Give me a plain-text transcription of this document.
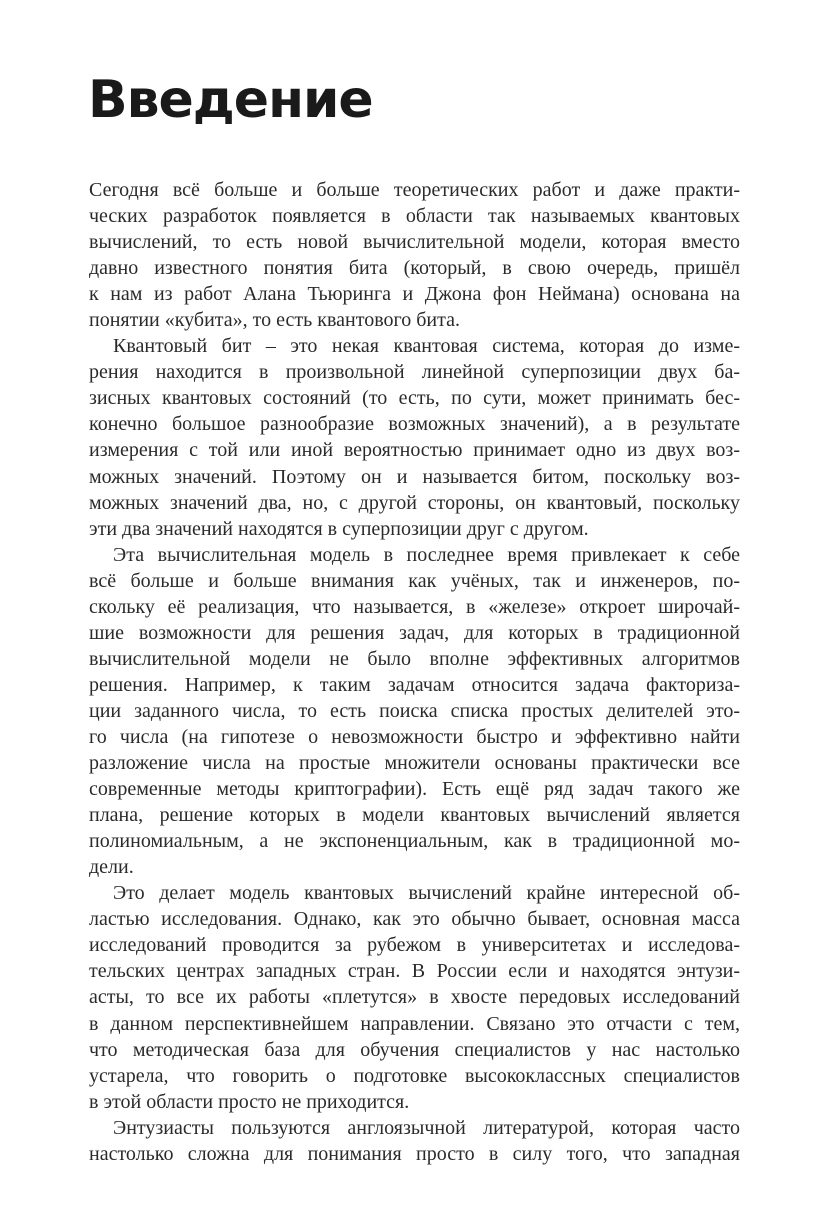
Введение
Сегодня всё больше и больше теоретических работ и даже практи-
ческих разработок появляется в области так называемых квантовых
вычислений, то есть новой вычислительной модели, которая вместо
давно известного понятия бита (который, в свою очередь, пришёл
к нам из работ Алана Тьюринга и Джона фон Неймана) основана на
понятии «кубита», то есть квантового бита.
Квантовый бит – это некая квантовая система, которая до изме-
рения находится в произвольной линейной суперпозиции двух ба-
зисных квантовых состояний (то есть, по сути, может принимать бес-
конечно большое разнообразие возможных значений), а в результате
измерения с той или иной вероятностью принимает одно из двух воз-
можных значений. Поэтому он и называется битом, поскольку воз-
можных значений два, но, с другой стороны, он квантовый, поскольку
эти два значений находятся в суперпозиции друг с другом.
Эта вычислительная модель в последнее время привлекает к себе
всё больше и больше внимания как учёных, так и инженеров, по-
скольку её реализация, что называется, в «железе» откроет широчай-
шие возможности для решения задач, для которых в традиционной
вычислительной модели не было вполне эффективных алгоритмов
решения. Например, к таким задачам относится задача факториза-
ции заданного числа, то есть поиска списка простых делителей это-
го числа (на гипотезе о невозможности быстро и эффективно найти
разложение числа на простые множители основаны практически все
современные методы криптографии). Есть ещё ряд задач такого же
плана, решение которых в модели квантовых вычислений является
полиномиальным, а не экспоненциальным, как в традиционной мо-
дели.
Это делает модель квантовых вычислений крайне интересной об-
ластью исследования. Однако, как это обычно бывает, основная масса
исследований проводится за рубежом в университетах и исследова-
тельских центрах западных стран. В России если и находятся энтузи-
асты, то все их работы «плетутся» в хвосте передовых исследований
в данном перспективнейшем направлении. Связано это отчасти с тем,
что методическая база для обучения специалистов у нас настолько
устарела, что говорить о подготовке высококлассных специалистов
в этой области просто не приходится.
Энтузиасты пользуются англоязычной литературой, которая часто
настолько сложна для понимания просто в силу того, что западная
